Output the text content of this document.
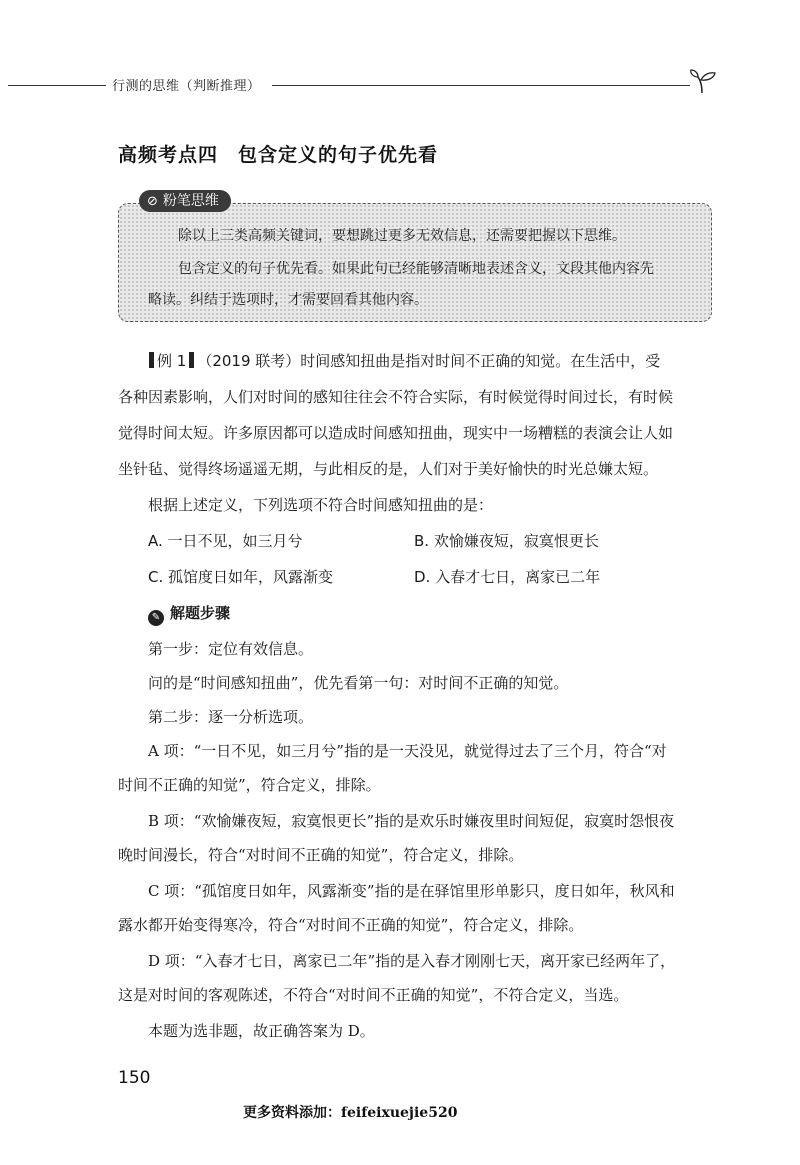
行测的思维（判断推理）
高频考点四　包含定义的句子优先看
⊘ 粉笔思维
除以上三类高频关键词，要想跳过更多无效信息，还需要把握以下思维。
包含定义的句子优先看。如果此句已经能够清晰地表述含义，文段其他内容先
略读。纠结于选项时，才需要回看其他内容。
例 1 （2019 联考）时间感知扭曲是指对时间不正确的知觉。在生活中，受
各种因素影响，人们对时间的感知往往会不符合实际，有时候觉得时间过长，有时候
觉得时间太短。许多原因都可以造成时间感知扭曲，现实中一场糟糕的表演会让人如
坐针毡、觉得终场遥遥无期，与此相反的是，人们对于美好愉快的时光总嫌太短。
根据上述定义，下列选项不符合时间感知扭曲的是：
A. 一日不见，如三月兮	B. 欢愉嫌夜短，寂寞恨更长
C. 孤馆度日如年，风露渐变	D. 入春才七日，离家已二年
✎ 解题步骤
第一步：定位有效信息。
问的是“时间感知扭曲”，优先看第一句：对时间不正确的知觉。
第二步：逐一分析选项。
A 项：“一日不见，如三月兮”指的是一天没见，就觉得过去了三个月，符合“对
时间不正确的知觉”，符合定义，排除。
B 项：“欢愉嫌夜短，寂寞恨更长”指的是欢乐时嫌夜里时间短促，寂寞时怨恨夜
晚时间漫长，符合“对时间不正确的知觉”，符合定义，排除。
C 项：“孤馆度日如年，风露渐变”指的是在驿馆里形单影只，度日如年，秋风和
露水都开始变得寒冷，符合“对时间不正确的知觉”，符合定义，排除。
D 项：“入春才七日，离家已二年”指的是入春才刚刚七天，离开家已经两年了，
这是对时间的客观陈述，不符合“对时间不正确的知觉”，不符合定义，当选。
本题为选非题，故正确答案为 D。
150
更多资料添加：feifeixuejie520
